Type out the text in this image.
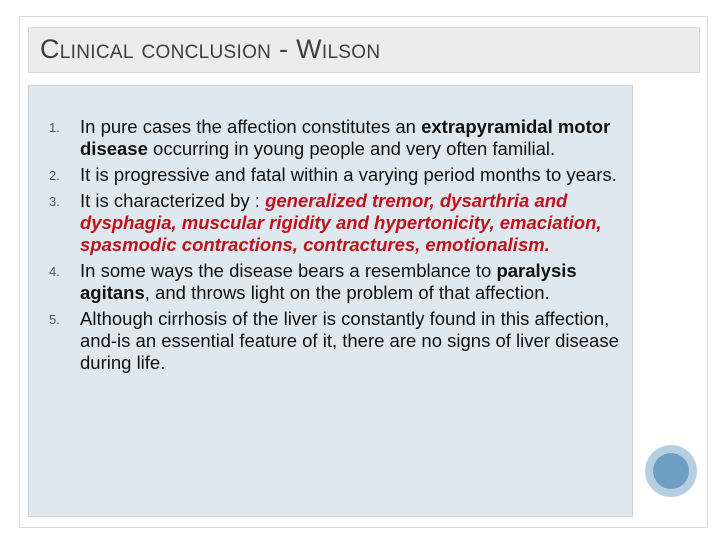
Clinical conclusion - Wilson
1.	In pure cases the affection constitutes an extrapyramidal motor disease occurring in young people and very often familial.
2.	It is progressive and fatal within a varying period months to years.
3.	It is characterized by : generalized tremor, dysarthria and dysphagia, muscular rigidity and hypertonicity, emaciation, spasmodic contractions, contractures, emotionalism.
4.	In some ways the disease bears a resemblance to paralysis agitans, and throws light on the problem of that affection.
5.	Although cirrhosis of the liver is constantly found in this affection, and-is an essential feature of it, there are no signs of liver disease during life.
